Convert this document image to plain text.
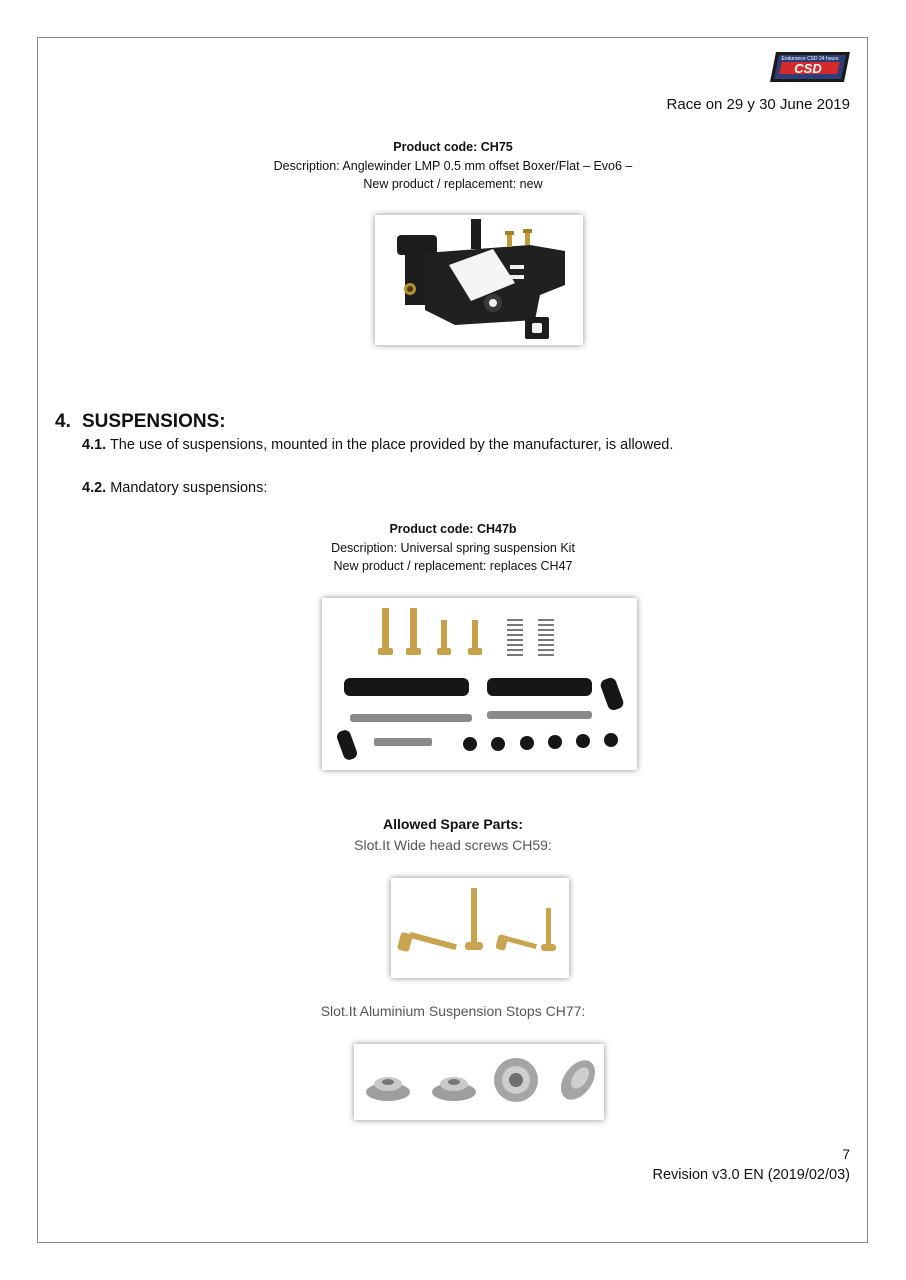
Endurance CSD 24 hours
CSD
Race on 29 y 30 June 2019
Product code: CH75
Description: Anglewinder LMP 0.5 mm offset Boxer/Flat – Evo6 –
New product / replacement: new
4. SUSPENSIONS:
4.1. The use of suspensions, mounted in the place provided by the manufacturer, is allowed.
4.2. Mandatory suspensions:
Product code: CH47b
Description: Universal spring suspension Kit
New product / replacement: replaces CH47
Allowed Spare Parts:
Slot.It Wide head screws CH59:
Slot.It Aluminium Suspension Stops CH77:
7
Revision v3.0 EN (2019/02/03)
